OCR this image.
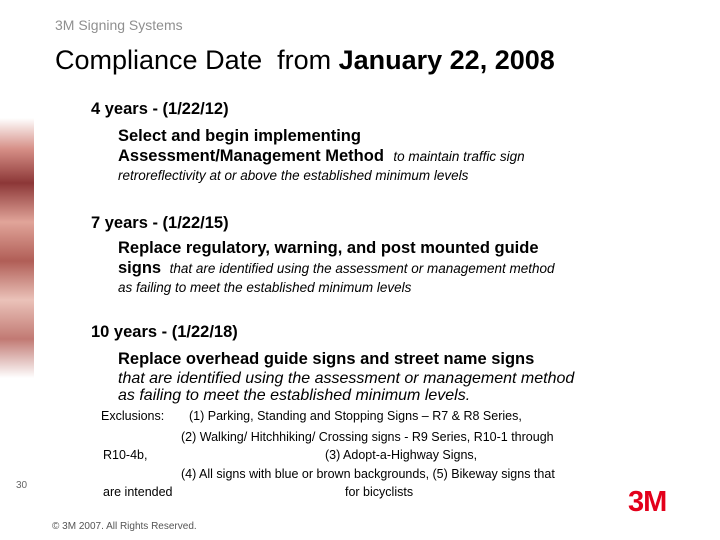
3M Signing Systems

Compliance Date  from January 22, 2008
4 years - (1/22/12)
Select and begin implementing
Assessment/Management Method to maintain traffic sign
retroreflectivity at or above the established minimum levels
7 years - (1/22/15)
Replace regulatory, warning, and post mounted guide
signs that are identified using the assessment or management method
as failing to meet the established minimum levels
10 years - (1/22/18)
Replace overhead guide signs and street name signs
that are identified using the assessment or management method
as failing to meet the established minimum levels.
Exclusions: (1) Parking, Standing and Stopping Signs – R7 & R8 Series,
(2) Walking/ Hitchhiking/ Crossing signs - R9 Series, R10-1 through
R10-4b,	(3) Adopt-a-Highway Signs,
(4) All signs with blue or brown backgrounds, (5) Bikeway signs that
are intended	for bicyclists
30
© 3M 2007. All Rights Reserved.
3M
